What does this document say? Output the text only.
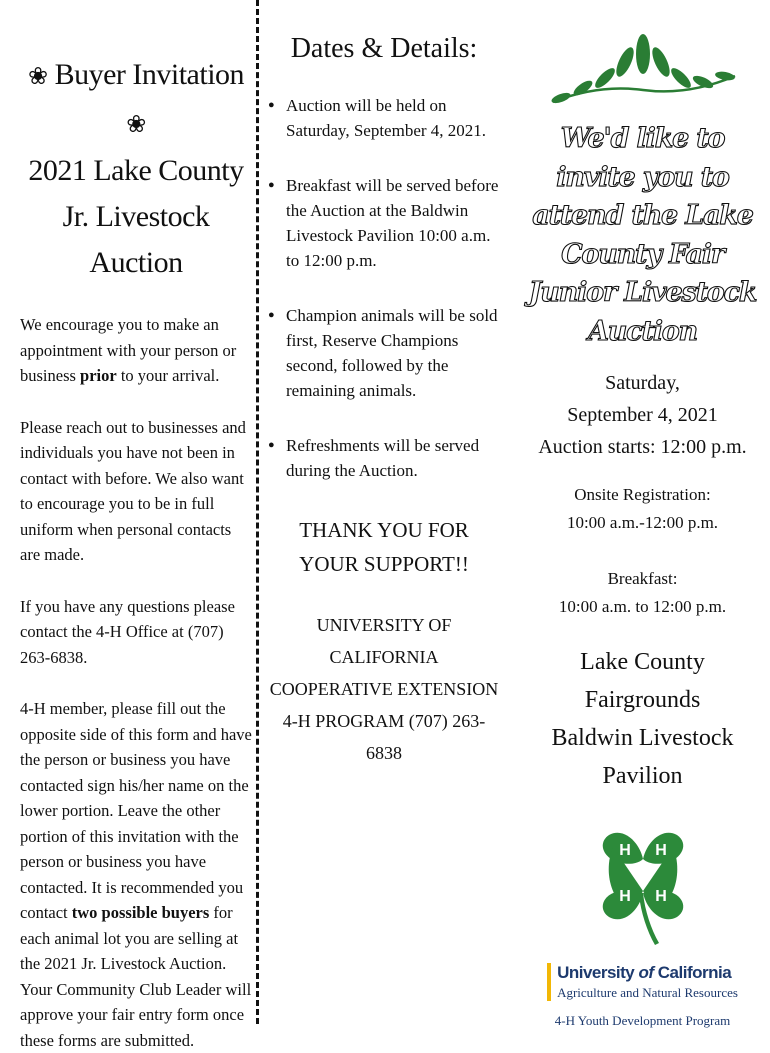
❀ Buyer Invitation ❀
2021 Lake County
Jr. Livestock Auction

We encourage you to make an appointment with your person or business prior to your arrival.

Please reach out to businesses and individuals you have not been in contact with before. We also want to encourage you to be in full uniform when personal contacts are made.

If you have any questions please contact the 4-H Office at (707) 263-6838.

4-H member, please fill out the opposite side of this form and have the person or business you have contacted sign his/her name on the lower portion. Leave the other portion of this invitation with the person or business you have contacted. It is recommended you contact two possible buyers for each animal lot you are selling at the 2021 Jr. Livestock Auction. Your Community Club Leader will approve your fair entry form once these forms are submitted.

Dates & Details:
● Auction will be held on Saturday, September 4, 2021.
● Breakfast will be served before the Auction at the Baldwin Livestock Pavilion 10:00 a.m. to 12:00 p.m.
● Champion animals will be sold first, Reserve Champions second, followed by the remaining animals.
● Refreshments will be served during the Auction.
THANK YOU FOR YOUR SUPPORT!!
UNIVERSITY OF CALIFORNIA
COOPERATIVE EXTENSION
4-H PROGRAM (707) 263-6838
We'd like to invite you to attend the Lake County Fair Junior Livestock Auction
Saturday,
September 4, 2021
Auction starts: 12:00 p.m.
Onsite Registration:
10:00 a.m.-12:00 p.m.
Breakfast:
10:00 a.m. to 12:00 p.m.
Lake County Fairgrounds
Baldwin Livestock
Pavilion
H H
H H
University of California
Agriculture and Natural Resources
4-H Youth Development Program
